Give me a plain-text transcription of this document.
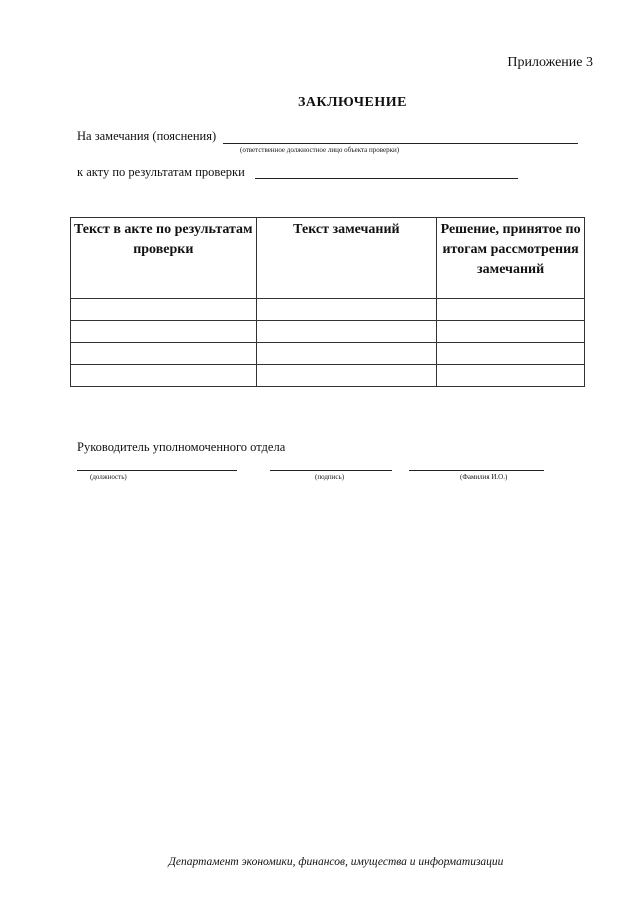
Приложение 3
ЗАКЛЮЧЕНИЕ
На замечания (пояснения)
(ответственное должностное лицо объекта проверки)
к акту по результатам проверки
Текст в акте по результатам проверки	Текст замечаний	Решение, принятое по итогам рассмотрения замечаний

Руководитель уполномоченного отдела
(должность)	(подпись)	(Фамилия И.О.)
Департамент экономики, финансов, имущества и информатизации
